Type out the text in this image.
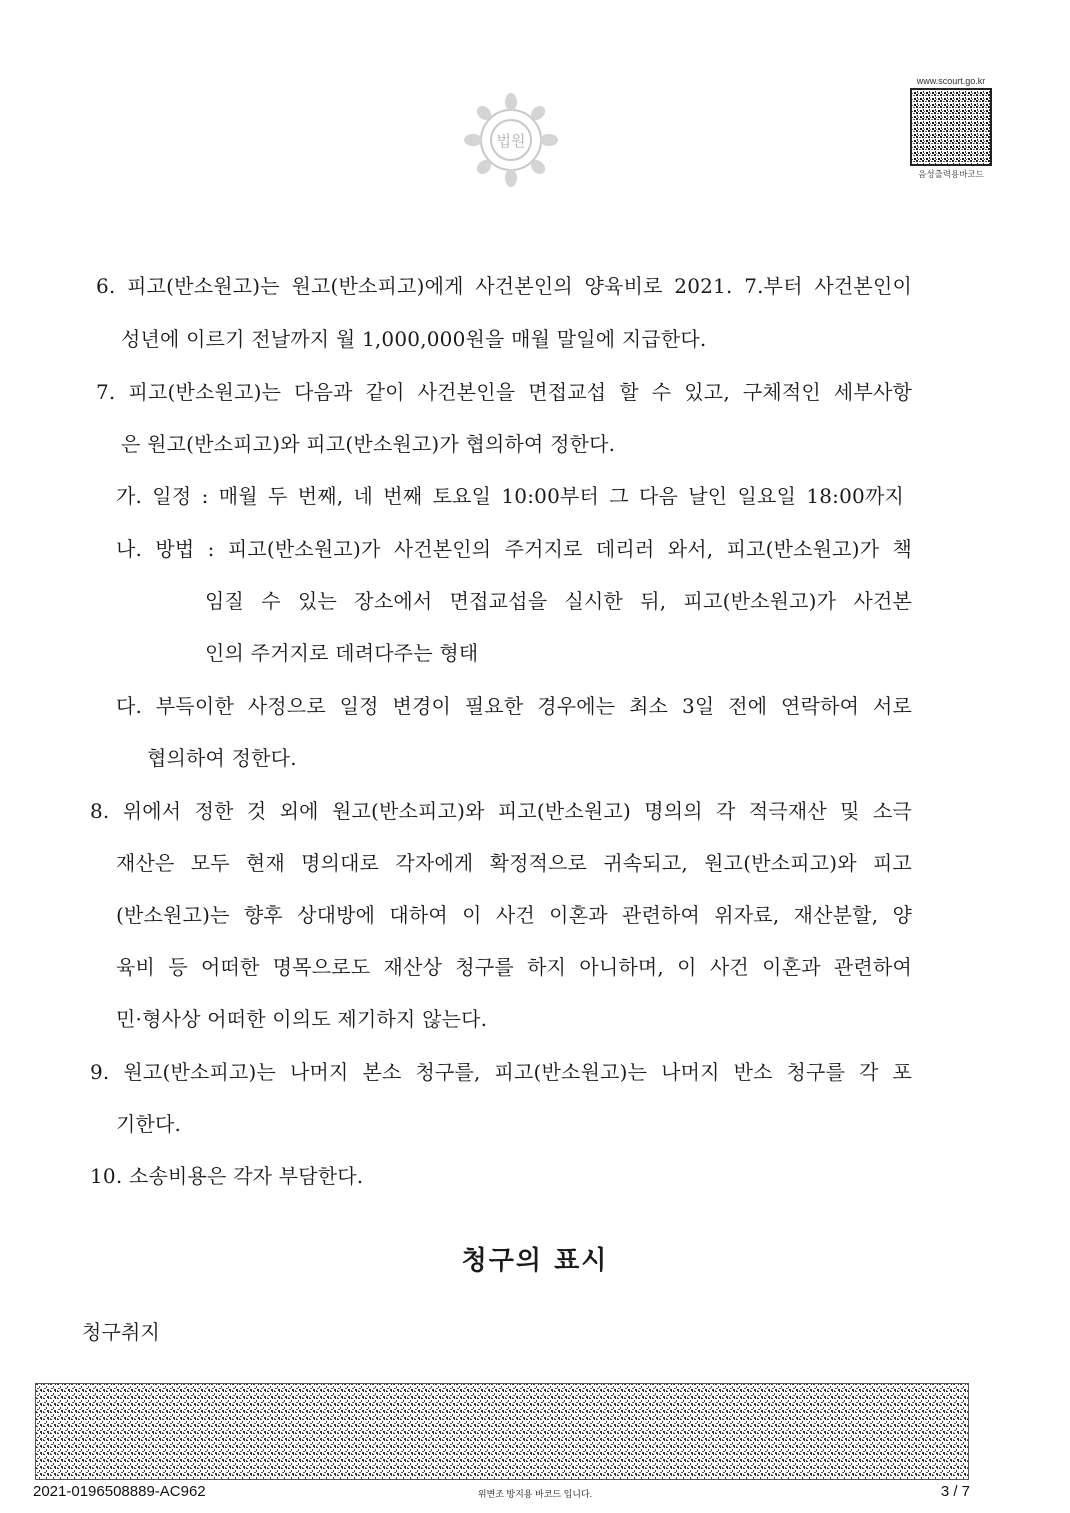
법원
www.scourt.go.kr
음성출력용바코드
6. 피고(반소원고)는 원고(반소피고)에게 사건본인의 양육비로 2021. 7.부터 사건본인이
성년에 이르기 전날까지 월 1,000,000원을 매월 말일에 지급한다.
7. 피고(반소원고)는 다음과 같이 사건본인을 면접교섭 할 수 있고, 구체적인 세부사항
은 원고(반소피고)와 피고(반소원고)가 협의하여 정한다.
가. 일정 : 매월 두 번째, 네 번째 토요일 10:00부터 그 다음 날인 일요일 18:00까지
나. 방법 : 피고(반소원고)가 사건본인의 주거지로 데리러 와서, 피고(반소원고)가 책
임질 수 있는 장소에서 면접교섭을 실시한 뒤, 피고(반소원고)가 사건본
인의 주거지로 데려다주는 형태
다. 부득이한 사정으로 일정 변경이 필요한 경우에는 최소 3일 전에 연락하여 서로
협의하여 정한다.
8. 위에서 정한 것 외에 원고(반소피고)와 피고(반소원고) 명의의 각 적극재산 및 소극
재산은 모두 현재 명의대로 각자에게 확정적으로 귀속되고, 원고(반소피고)와 피고
(반소원고)는 향후 상대방에 대하여 이 사건 이혼과 관련하여 위자료, 재산분할, 양
육비 등 어떠한 명목으로도 재산상 청구를 하지 아니하며, 이 사건 이혼과 관련하여
민·형사상 어떠한 이의도 제기하지 않는다.
9. 원고(반소피고)는 나머지 본소 청구를, 피고(반소원고)는 나머지 반소 청구를 각 포
기한다.
10. 소송비용은 각자 부담한다.
청구의 표시
청구취지
2021-0196508889-AC962	위변조 방지용 바코드 입니다.	3 / 7
